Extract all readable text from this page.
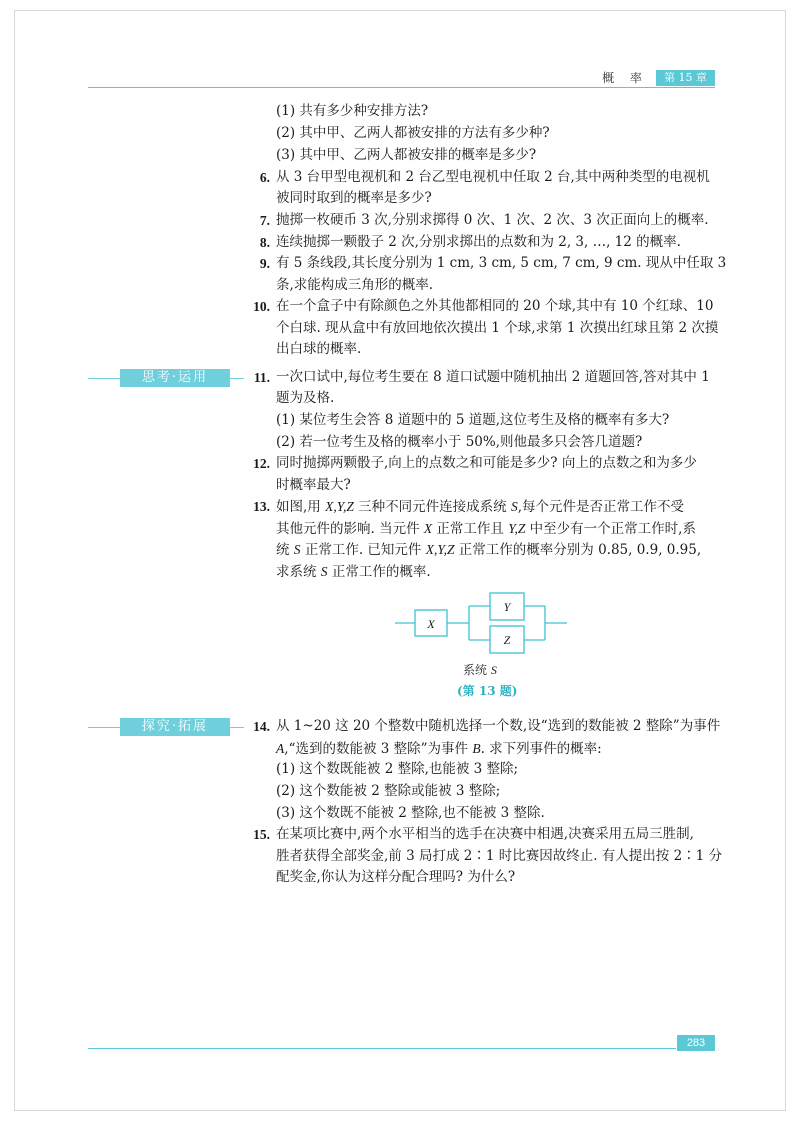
概 率	第 15 章
(1) 共有多少种安排方法?
(2) 其中甲、乙两人都被安排的方法有多少种?
(3) 其中甲、乙两人都被安排的概率是多少?
6. 从 3 台甲型电视机和 2 台乙型电视机中任取 2 台,其中两种类型的电视机
被同时取到的概率是多少?
7. 抛掷一枚硬币 3 次,分别求掷得 0 次、1 次、2 次、3 次正面向上的概率.
8. 连续抛掷一颗骰子 2 次,分别求掷出的点数和为 2, 3, …, 12 的概率.
9. 有 5 条线段,其长度分别为 1 cm, 3 cm, 5 cm, 7 cm, 9 cm. 现从中任取 3
条,求能构成三角形的概率.
10. 在一个盒子中有除颜色之外其他都相同的 20 个球,其中有 10 个红球、10
个白球. 现从盒中有放回地依次摸出 1 个球,求第 1 次摸出红球且第 2 次摸
出白球的概率.
思考·运用	11. 一次口试中,每位考生要在 8 道口试题中随机抽出 2 道题回答,答对其中 1
题为及格.
(1) 某位考生会答 8 道题中的 5 道题,这位考生及格的概率有多大?
(2) 若一位考生及格的概率小于 50%,则他最多只会答几道题?
12. 同时抛掷两颗骰子,向上的点数之和可能是多少? 向上的点数之和为多少
时概率最大?
13. 如图,用 X,Y,Z 三种不同元件连接成系统 S,每个元件是否正常工作不受
其他元件的影响. 当元件 X 正常工作且 Y,Z 中至少有一个正常工作时,系
统 S 正常工作. 已知元件 X,Y,Z 正常工作的概率分别为 0.85, 0.9, 0.95,
求系统 S 正常工作的概率.
X
Y
Z
系统 S
(第 13 题)
探究·拓展	14. 从 1~20 这 20 个整数中随机选择一个数,设“选到的数能被 2 整除”为事件
A,“选到的数能被 3 整除”为事件 B. 求下列事件的概率:
(1) 这个数既能被 2 整除,也能被 3 整除;
(2) 这个数能被 2 整除或能被 3 整除;
(3) 这个数既不能被 2 整除,也不能被 3 整除.
15. 在某项比赛中,两个水平相当的选手在决赛中相遇,决赛采用五局三胜制,
胜者获得全部奖金,前 3 局打成 2∶1 时比赛因故终止. 有人提出按 2∶1 分
配奖金,你认为这样分配合理吗? 为什么?
283
